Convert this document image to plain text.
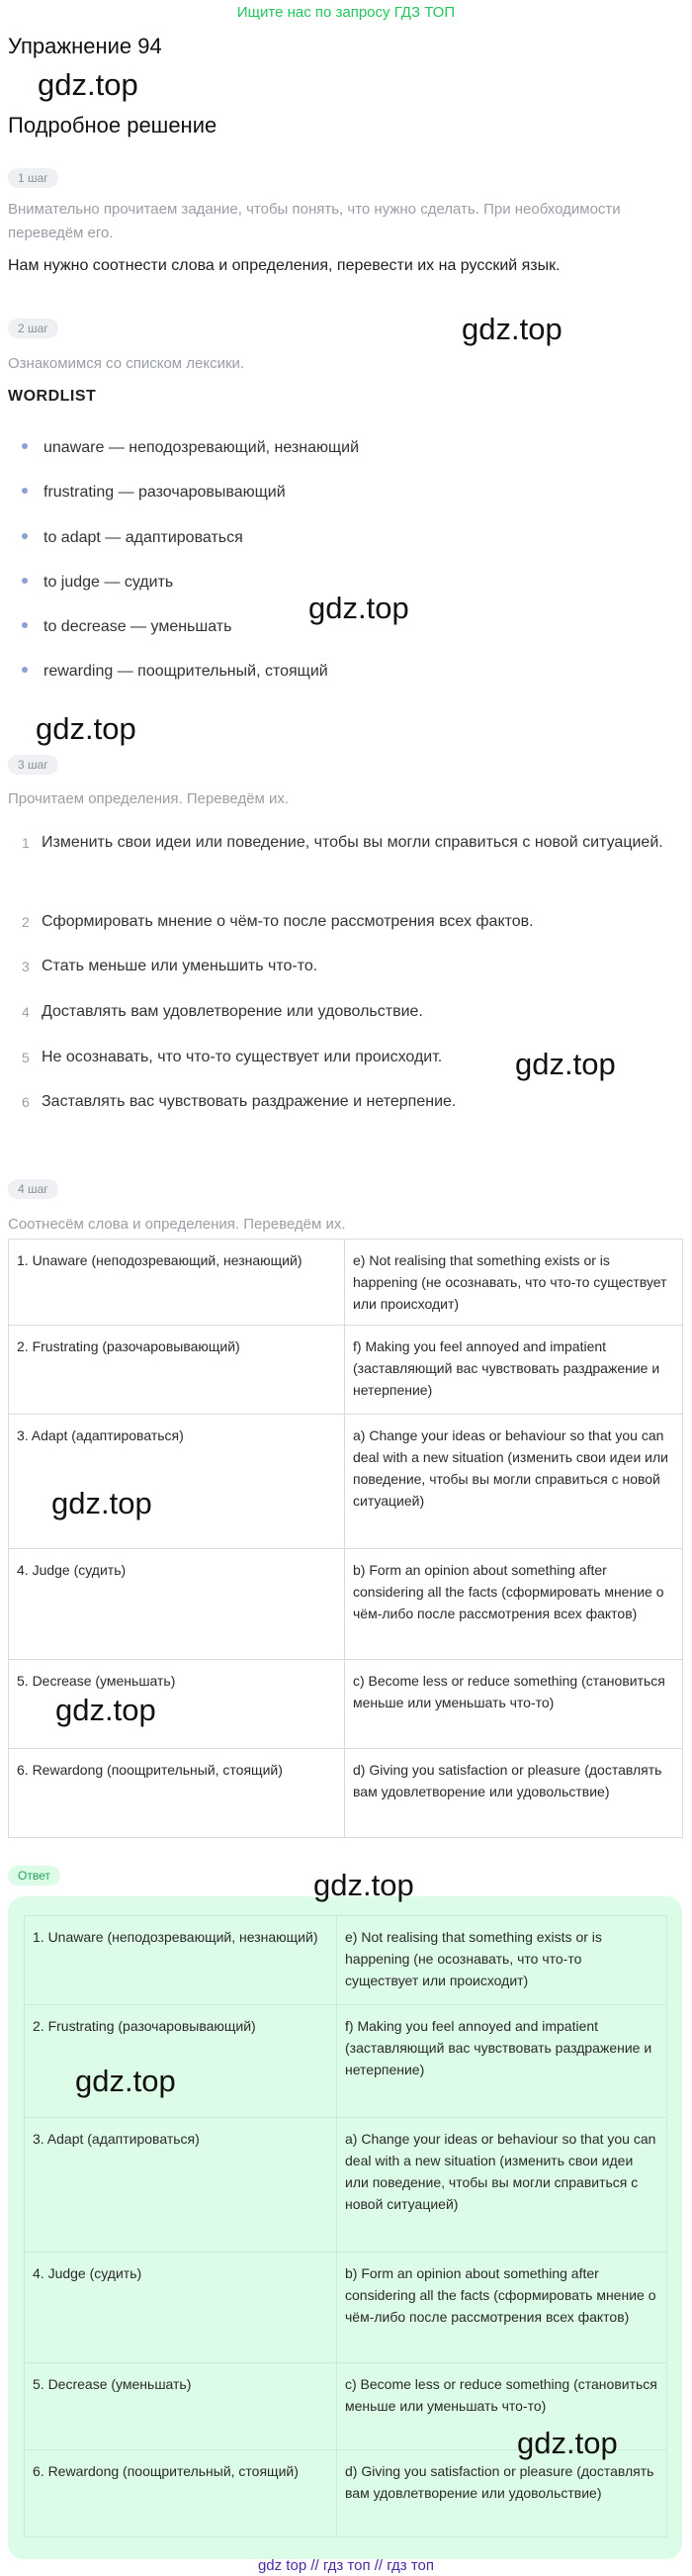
Ищите нас по запросу ГДЗ ТОП
Упражнение 94
gdz.top
Подробное решение
1 шаг
Внимательно прочитаем задание, чтобы понять, что нужно сделать. При необходимости переведём его.
Нам нужно соотнести слова и определения, перевести их на русский язык.
2 шаг	gdz.top
Ознакомимся со списком лексики.
WORDLIST
unaware — неподозревающий, незнающий
frustrating — разочаровывающий
to adapt — адаптироваться
to judge — судить
gdz.top
to decrease — уменьшать
rewarding — поощрительный, стоящий
gdz.top
3 шаг
Прочитаем определения. Переведём их.
1 Изменить свои идеи или поведение, чтобы вы могли справиться с новой ситуацией.
2 Сформировать мнение о чём-то после рассмотрения всех фактов.
3 Стать меньше или уменьшить что-то.
4 Доставлять вам удовлетворение или удовольствие.
5 Не осознавать, что что-то существует или происходит. gdz.top
6 Заставлять вас чувствовать раздражение и нетерпение.
4 шаг
Соотнесём слова и определения. Переведём их.
1. Unaware (неподозревающий, незнающий)	e) Not realising that something exists or is happening (не осознавать, что что-то существует или происходит)
2. Frustrating (разочаровывающий)	f) Making you feel annoyed and impatient (заставляющий вас чувствовать раздражение и нетерпение)
3. Adapt (адаптироваться)	a) Change your ideas or behaviour so that you can deal with a new situation (изменить свои идеи или поведение, чтобы вы могли справиться с новой ситуацией)
4. Judge (судить)	b) Form an opinion about something after considering all the facts (сформировать мнение о чём-либо после рассмотрения всех фактов)
5. Decrease (уменьшать)	c) Become less or reduce something (становиться меньше или уменьшать что-то)
6. Rewardong (поощрительный, стоящий)	d) Giving you satisfaction or pleasure (доставлять вам удовлетворение или удовольствие)
gdz.top
gdz.top
Ответ	gdz.top
1. Unaware (неподозревающий, незнающий)	e) Not realising that something exists or is happening (не осознавать, что что-то существует или происходит)
2. Frustrating (разочаровывающий)	f) Making you feel annoyed and impatient (заставляющий вас чувствовать раздражение и нетерпение)
3. Adapt (адаптироваться)	a) Change your ideas or behaviour so that you can deal with a new situation (изменить свои идеи или поведение, чтобы вы могли справиться с новой ситуацией)
4. Judge (судить)	b) Form an opinion about something after considering all the facts (сформировать мнение о чём-либо после рассмотрения всех фактов)
5. Decrease (уменьшать)	c) Become less or reduce something (становиться меньше или уменьшать что-то)
6. Rewardong (поощрительный, стоящий)	d) Giving you satisfaction or pleasure (доставлять вам удовлетворение или удовольствие)
gdz.top
gdz.top
gdz top // гдз топ // гдз топ
